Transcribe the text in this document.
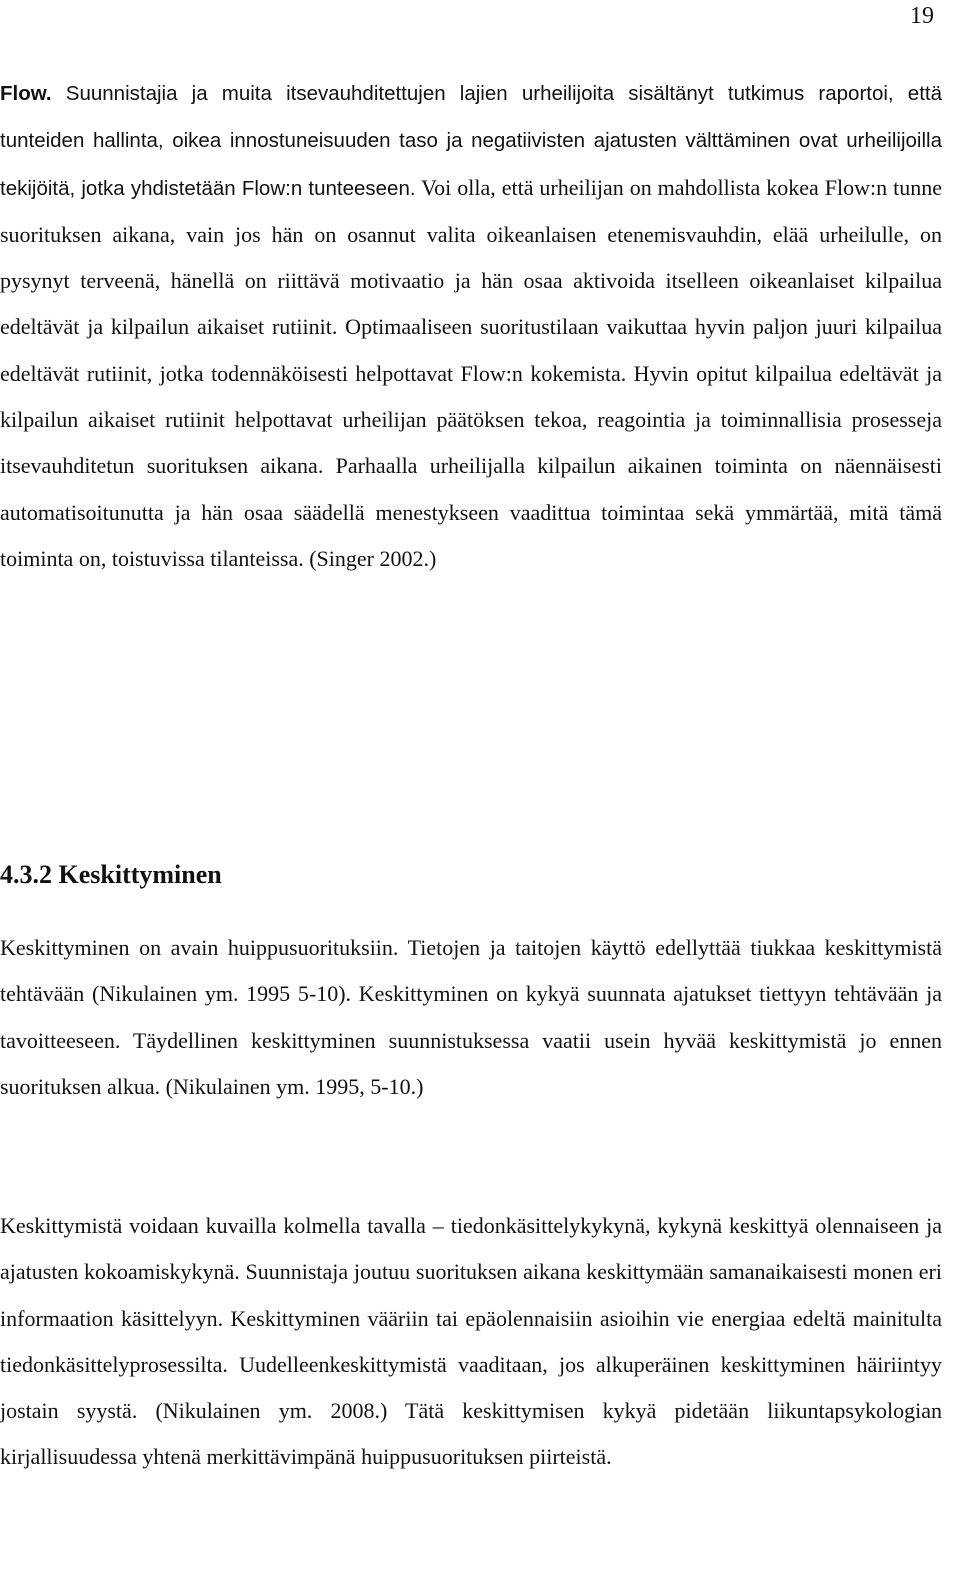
19

Flow. Suunnistajia ja muita itsevauhditettujen lajien urheilijoita sisältänyt tutkimus raportoi, että tunteiden hallinta, oikea innostuneisuuden taso ja negatiivisten ajatusten välttäminen ovat urheilijoilla tekijöitä, jotka yhdistetään Flow:n tunteeseen. Voi olla, että urheilijan on mahdollista kokea Flow:n tunne suorituksen aikana, vain jos hän on osannut valita oikeanlaisen etenemisvauhdin, elää urheilulle, on pysynyt terveenä, hänellä on riittävä motivaatio ja hän osaa aktivoida itselleen oikeanlaiset kilpailua edeltävät ja kilpailun aikaiset rutiinit. Optimaaliseen suoritustilaan vaikuttaa hyvin paljon juuri kilpailua edeltävät rutiinit, jotka todennäköisesti helpottavat Flow:n kokemista. Hyvin opitut kilpailua edeltävät ja kilpailun aikaiset rutiinit helpottavat urheilijan päätöksen tekoa, reagointia ja toiminnallisia prosesseja itsevauhditetun suorituksen aikana. Parhaalla urheilijalla kilpailun aikainen toiminta on näennäisesti automatisoitunutta ja hän osaa säädellä menestykseen vaadittua toimintaa sekä ymmärtää, mitä tämä toiminta on, toistuvissa tilanteissa. (Singer 2002.)

4.3.2 Keskittyminen

Keskittyminen on avain huippusuorituksiin. Tietojen ja taitojen käyttö edellyttää tiukkaa keskittymistä tehtävään (Nikulainen ym. 1995 5-10). Keskittyminen on kykyä suunnata ajatukset tiettyyn tehtävään ja tavoitteeseen. Täydellinen keskittyminen suunnistuksessa vaatii usein hyvää keskittymistä jo ennen suorituksen alkua. (Nikulainen ym. 1995, 5-10.)

Keskittymistä voidaan kuvailla kolmella tavalla – tiedonkäsittelykykynä, kykynä keskittyä olennaiseen ja ajatusten kokoamiskykynä. Suunnistaja joutuu suorituksen aikana keskittymään samanaikaisesti monen eri informaation käsittelyyn. Keskittyminen vääriin tai epäolennaisiin asioihin vie energiaa edeltä mainitulta tiedonkäsittelyprosessilta. Uudelleenkeskittymistä vaaditaan, jos alkuperäinen keskittyminen häiriintyy jostain syystä. (Nikulainen ym. 2008.) Tätä keskittymisen kykyä pidetään liikuntapsykologian kirjallisuudessa yhtenä merkittävimpänä huippusuorituksen piirteistä.
